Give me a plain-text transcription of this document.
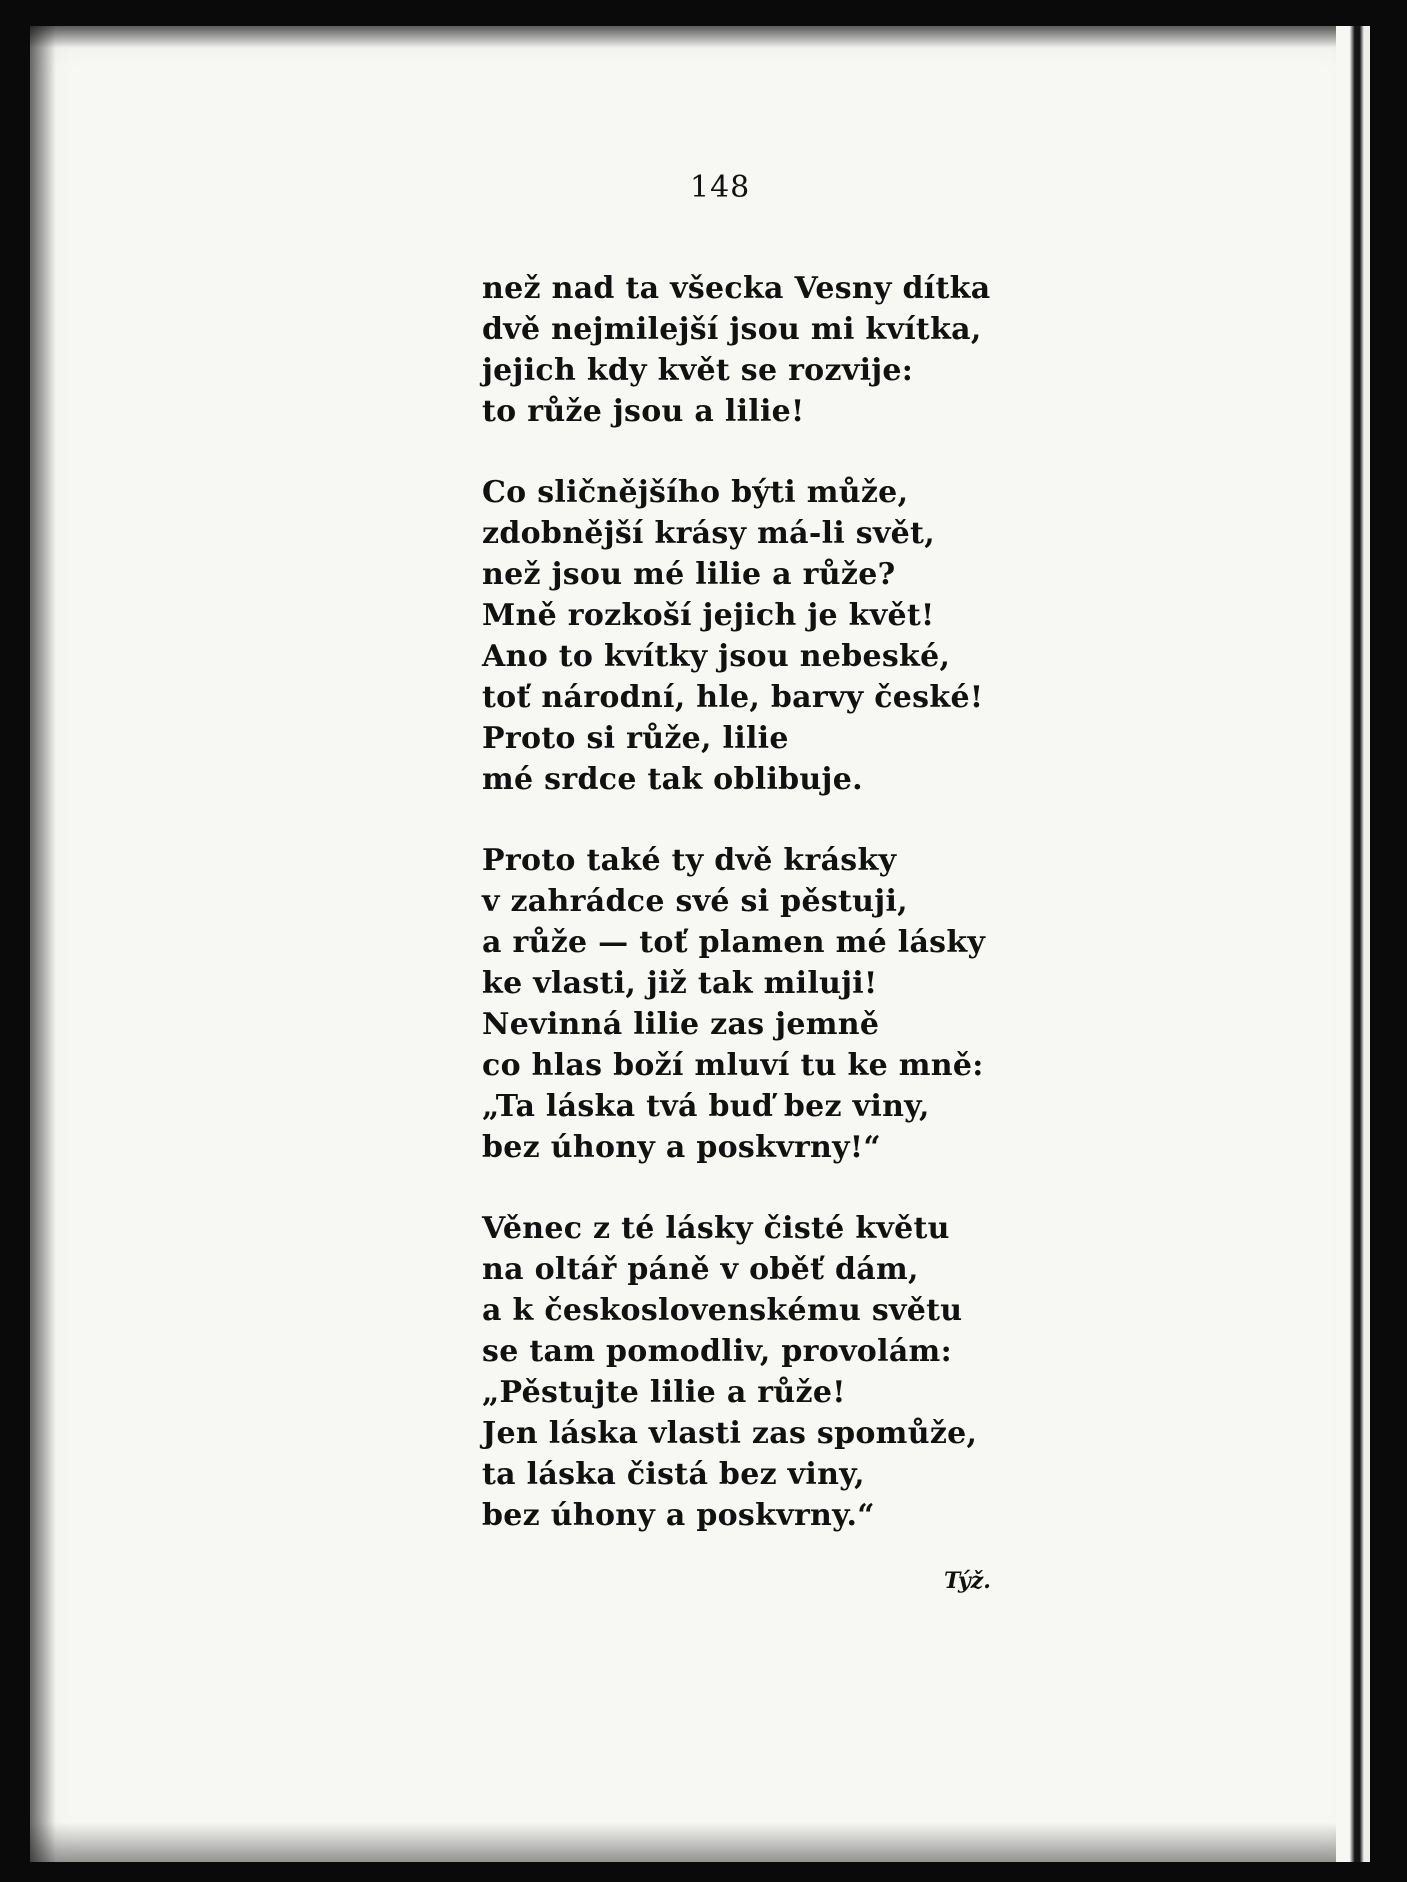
148
než nad ta všecka Vesny dítka
dvě nejmilejší jsou mi kvítka,
jejich kdy květ se rozvije:
to růže jsou a lilie!
Co sličnějšího býti může,
zdobnější krásy má-li svět,
než jsou mé lilie a růže?
Mně rozkoší jejich je květ!
Ano to kvítky jsou nebeské,
toť národní, hle, barvy české!
Proto si růže, lilie
mé srdce tak oblibuje.
Proto také ty dvě krásky
v zahrádce své si pěstuji,
a růže — toť plamen mé lásky
ke vlasti, již tak miluji!
Nevinná lilie zas jemně
co hlas boží mluví tu ke mně:
„Ta láska tvá buď bez viny,
bez úhony a poskvrny!“
Věnec z té lásky čisté květu
na oltář páně v oběť dám,
a k československému světu
se tam pomodliv, provolám:
„Pěstujte lilie a růže!
Jen láska vlasti zas spomůže,
ta láska čistá bez viny,
bez úhony a poskvrny.“
Týž.
